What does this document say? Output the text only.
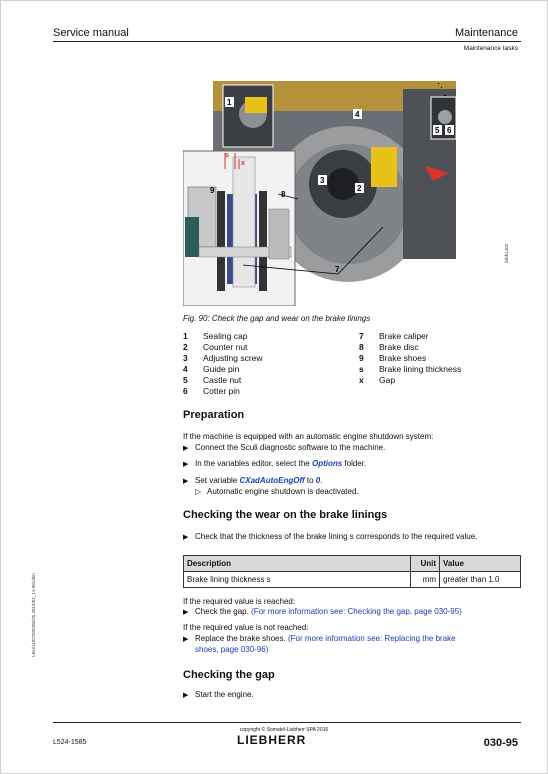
Service manual	Maintenance
Maintenance tasks
1
2
3
4
5 6
7
8
9
s
x
lwbh1402
Fig. 90: Check the gap and wear on the brake linings
1 Sealing cap
2 Counter nut
3 Adjusting screw
4 Guide pin
5 Castle nut
6 Cotter pin
7 Brake caliper
8 Brake disc
9 Brake shoes
s Brake lining thickness
x Gap
Preparation
If the machine is equipped with an automatic engine shutdown system:
▶ Connect the Sculi diagnostic software to the machine.
▶ In the variables editor, select the Options folder.
▶ Set variable CXadAutoEngOff to 0.
▷ Automatic engine shutdown is deactivated.
Checking the wear on the brake linings
▶ Check that the thickness of the brake lining s corresponds to the required value.
Description	Unit	Value
Brake lining thickness s	mm	greater than 1.0
If the required value is reached:
▶ Check the gap. (For more information see: Checking the gap, page 030-95)
If the required value is not reached:
▶ Replace the brake shoes. (For more information see: Replacing the brake
shoes, page 030-96)
Checking the gap
▶ Start the engine.
LBH/11827600/06/25.2016/02_14-081den
copyright © Somatel-Liebherr SPA 2016
LIEBHERR
L524-1585	030-95
